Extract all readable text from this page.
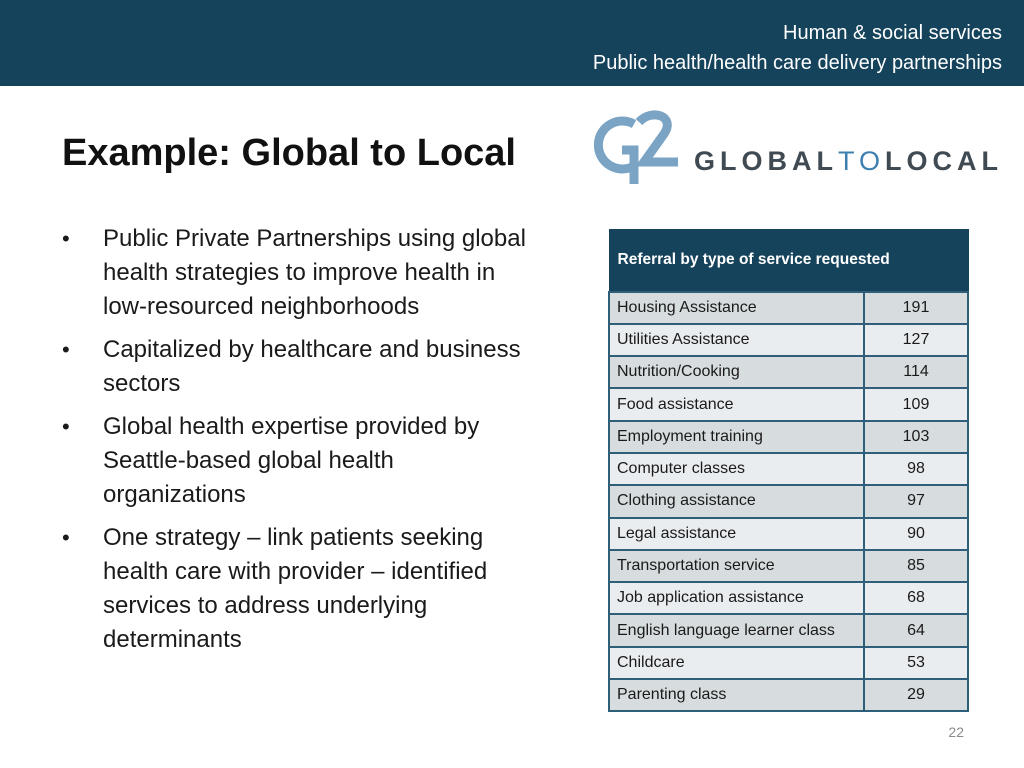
Human & social services
Public health/health care delivery partnerships
Example: Global to Local	GLOBALTOLOCAL
• Public Private Partnerships using global health strategies to improve health in low-resourced neighborhoods
• Capitalized by healthcare and business sectors
• Global health expertise provided by Seattle-based global health organizations
• One strategy – link patients seeking health care with provider – identified services to address underlying determinants
Referral by type of service requested	
Housing Assistance	191
Utilities Assistance	127
Nutrition/Cooking	114
Food assistance	109
Employment training	103
Computer classes	98
Clothing assistance	97
Legal assistance	90
Transportation service	85
Job application assistance	68
English language learner class	64
Childcare	53
Parenting class	29
22
